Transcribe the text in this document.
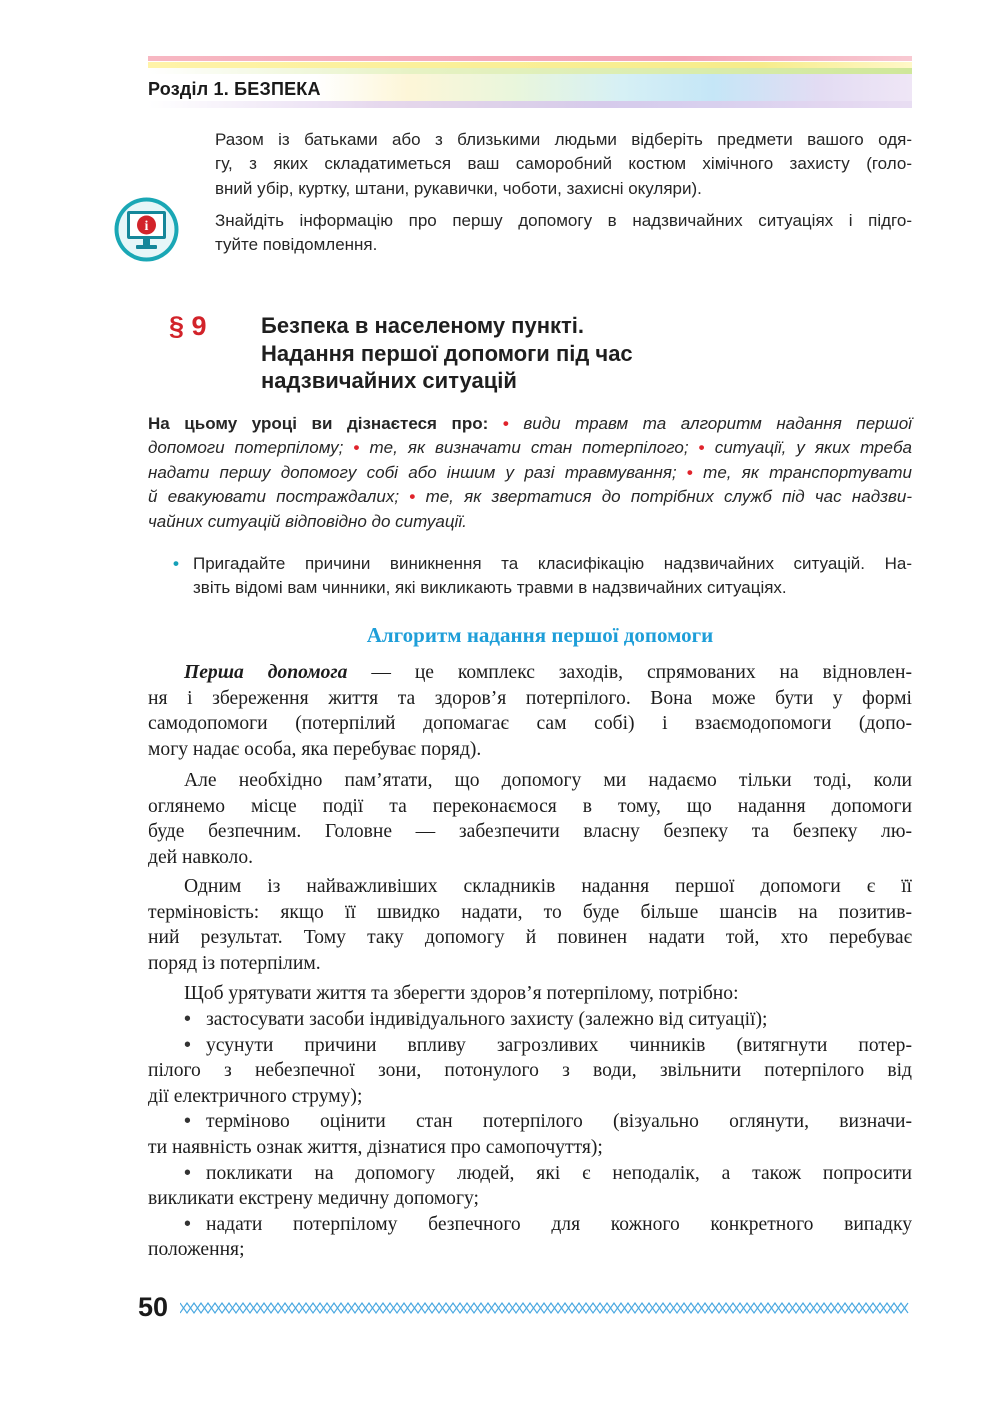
Розділ 1. БЕЗПЕКА
Разом із батьками або з близькими людьми відберіть предмети вашого одя-
гу, з яких складатиметься ваш саморобний костюм хімічного захисту (голо-
вний убір, куртку, штани, рукавички, чоботи, захисні окуляри).
i	Знайдіть інформацію про першу допомогу в надзвичайних ситуаціях і підго-
туйте повідомлення.
§ 9 Безпека в населеному пункті.
Надання першої допомоги під час
надзвичайних ситуацій
На цьому уроці ви дізнаєтеся про: • види травм та алгоритм надання першої
допомоги потерпілому; • те, як визначати стан потерпілого; • ситуації, у яких треба
надати першу допомогу собі або іншим у разі травмування; • те, як транспортувати
й евакуювати постраждалих; • те, як звертатися до потрібних служб під час надзви-
чайних ситуацій відповідно до ситуації.
• Пригадайте причини виникнення та класифікацію надзвичайних ситуацій. На-
звіть відомі вам чинники, які викликають травми в надзвичайних ситуаціях.
Алгоритм надання першої допомоги
Перша допомога — це комплекс заходів, спрямованих на відновлен-
ня і збереження життя та здоров’я потерпілого. Вона може бути у формі
самодопомоги (потерпілий допомагає сам собі) і взаємодопомоги (допо-
могу надає особа, яка перебуває поряд).
Але необхідно пам’ятати, що допомогу ми надаємо тільки тоді, коли
оглянемо місце події та переконаємося в тому, що надання допомоги
буде безпечним. Головне — забезпечити власну безпеку та безпеку лю-
дей навколо.
Одним із найважливіших складників надання першої допомоги є її
терміновість: якщо її швидко надати, то буде більше шансів на позитив-
ний результат. Тому таку допомогу й повинен надати той, хто перебуває
поряд із потерпілим.
Щоб урятувати життя та зберегти здоров’я потерпілому, потрібно:
• застосувати засоби індивідуального захисту (залежно від ситуації);
• усунути причини впливу загрозливих чинників (витягнути потер-
пілого з небезпечної зони, потонулого з води, звільнити потерпілого від
дії електричного струму);
• терміново оцінити стан потерпілого (візуально оглянути, визначи-
ти наявність ознак життя, дізнатися про самопочуття);
• покликати на допомогу людей, які є неподалік, а також попросити
викликати екстрену медичну допомогу;
• надати потерпілому безпечного для кожного конкретного випадку
положення;
50
